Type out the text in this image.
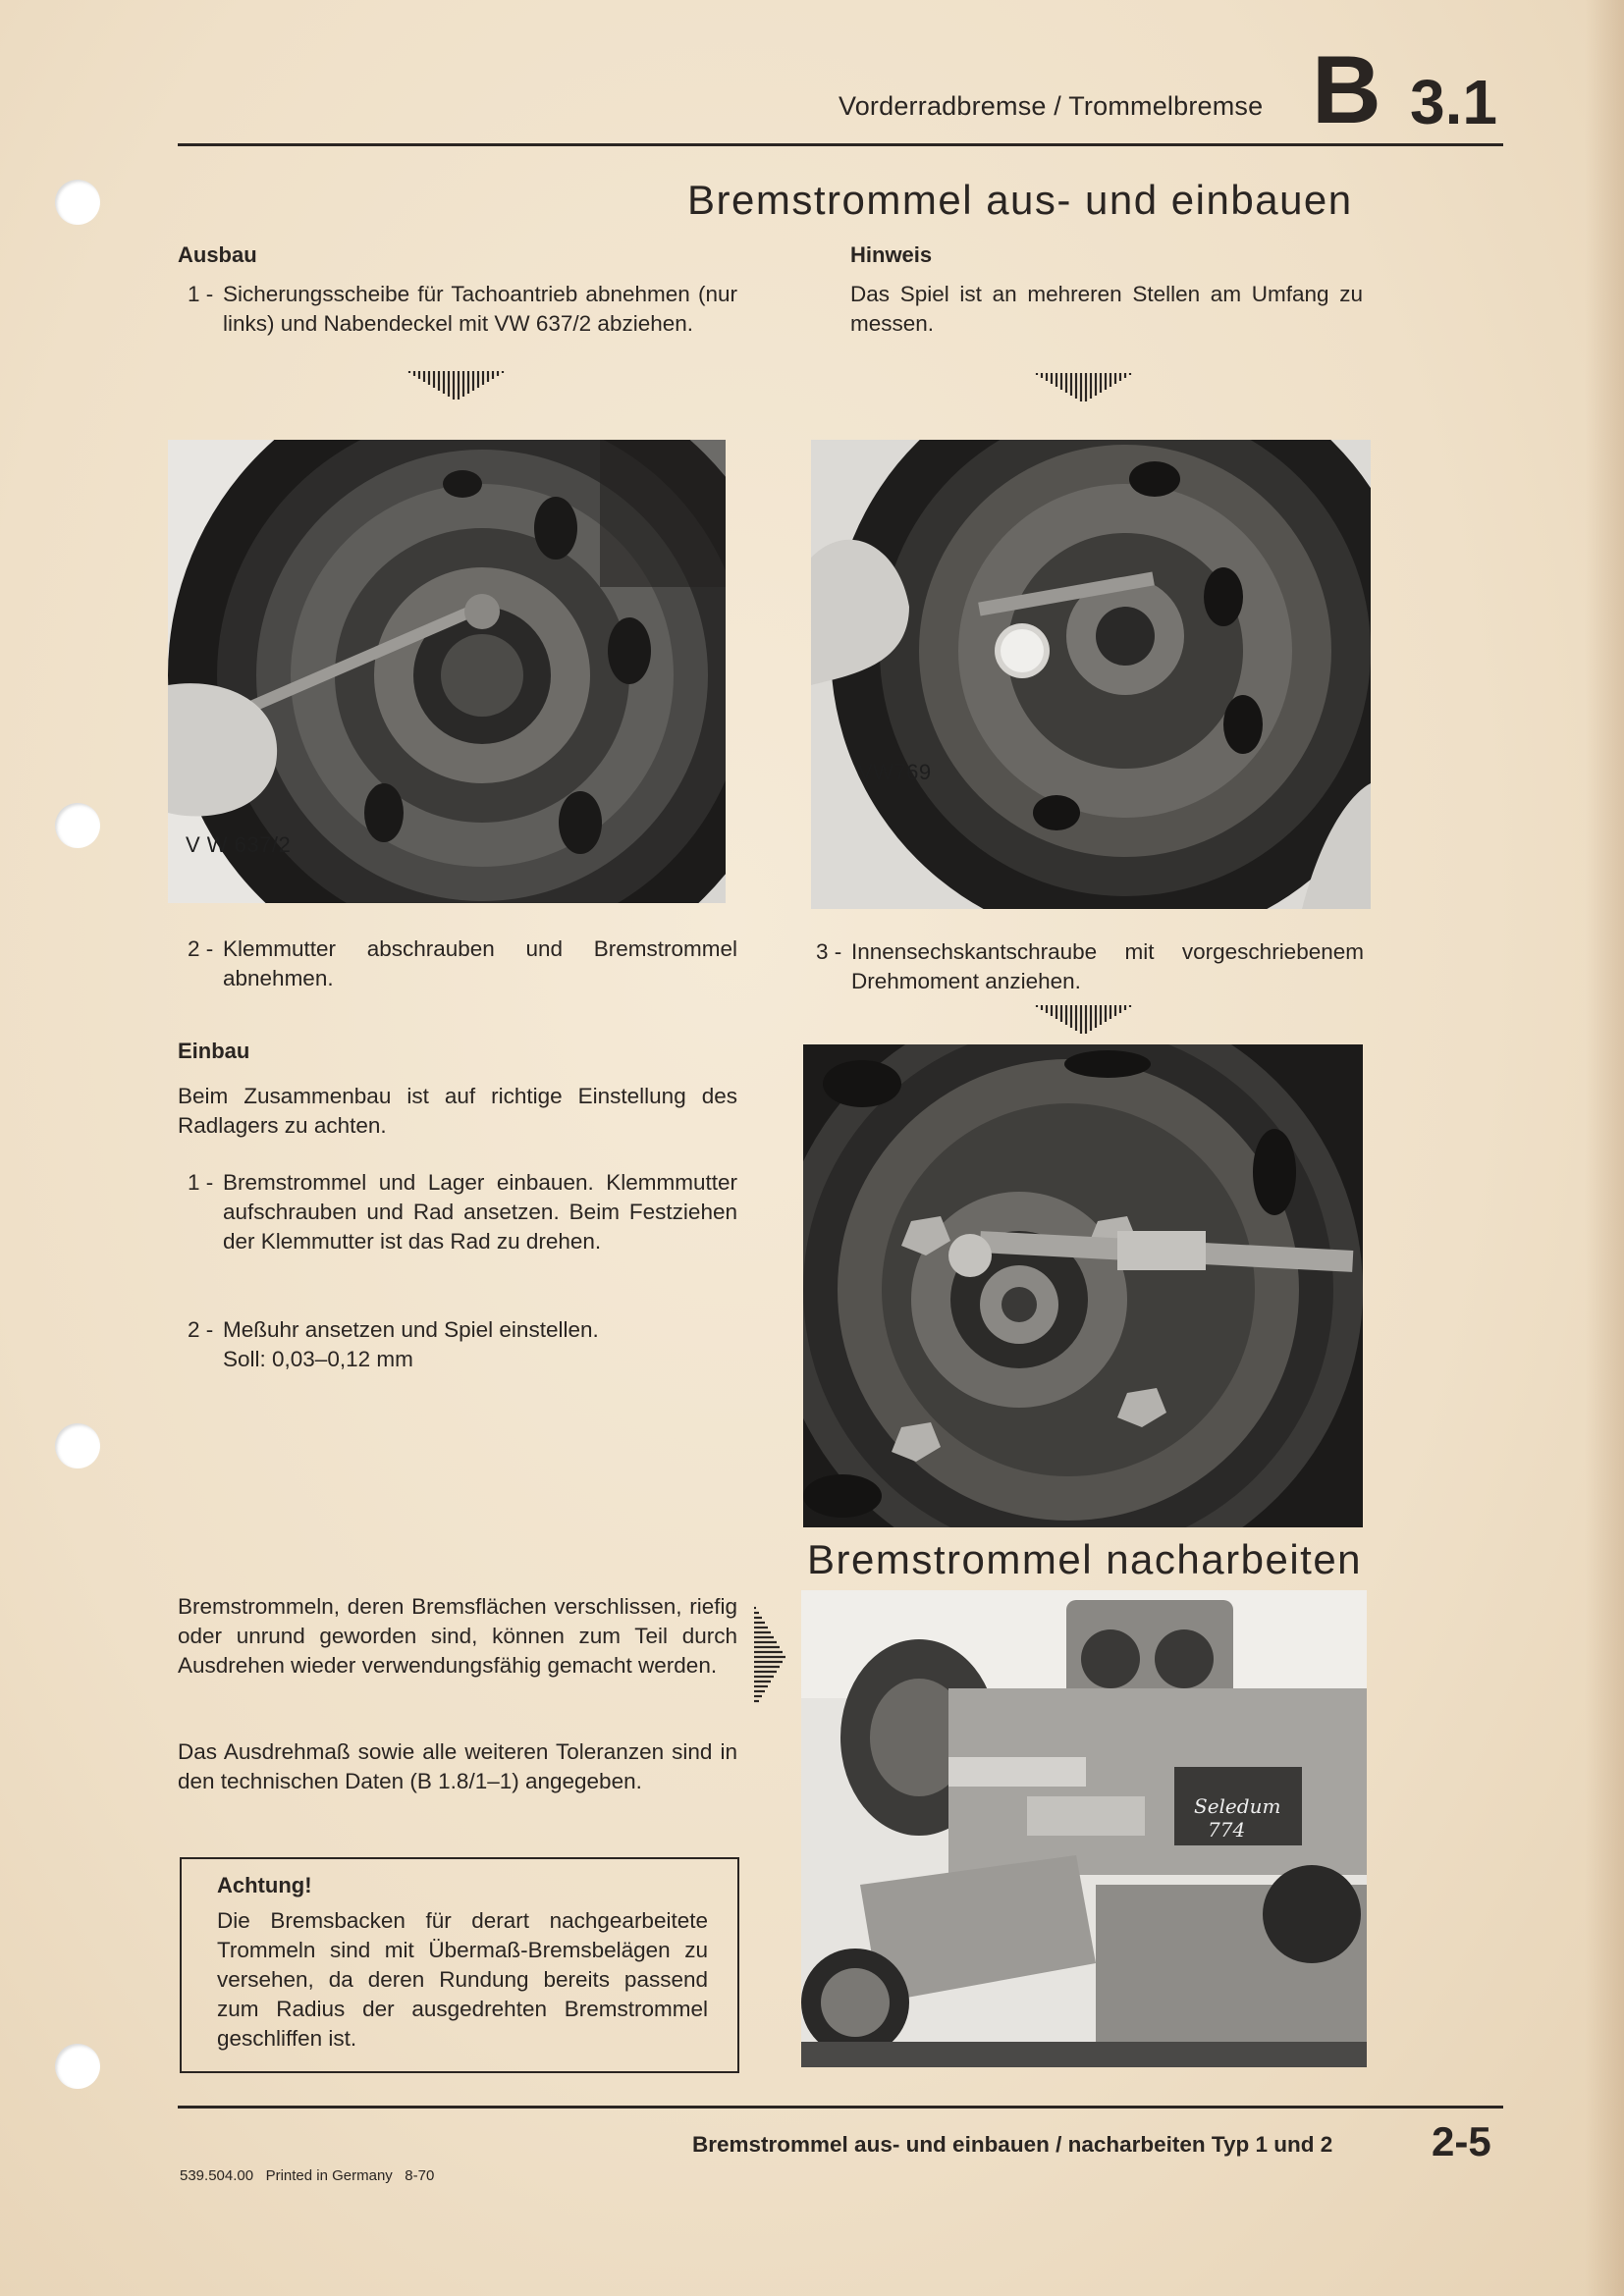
Vorderradbremse / Trommelbremse B 3.1
Bremstrommel aus- und einbauen
Ausbau
1 - Sicherungsscheibe für Tachoantrieb abnehmen (nur links) und Nabendeckel mit VW 637/2 abziehen.
Hinweis
Das Spiel ist an mehreren Stellen am Umfang zu messen.
V W 637/2
VW769
2 - Klemmutter abschrauben und Bremstrommel abnehmen.
3 - Innensechskantschraube mit vorgeschriebenem Drehmoment anziehen.
Einbau
Beim Zusammenbau ist auf richtige Einstellung des Radlagers zu achten.
1 - Bremstrommel und Lager einbauen. Klemmmutter aufschrauben und Rad ansetzen. Beim Festziehen der Klemmutter ist das Rad zu drehen.
2 - Meßuhr ansetzen und Spiel einstellen.
Soll: 0,03–0,12 mm
Bremstrommel nacharbeiten
Bremstrommeln, deren Bremsflächen verschlissen, riefig oder unrund geworden sind, können zum Teil durch Ausdrehen wieder verwendungsfähig gemacht werden.
Das Ausdrehmaß sowie alle weiteren Toleranzen sind in den technischen Daten (B 1.8/1–1) angegeben.
Achtung!
Die Bremsbacken für derart nachgearbeitete Trommeln sind mit Übermaß-Bremsbelägen zu versehen, da deren Rundung bereits passend zum Radius der ausgedrehten Bremstrommel geschliffen ist.
Seledum
774
Bremstrommel aus- und einbauen / nacharbeiten Typ 1 und 2 2-5
539.504.00   Printed in Germany   8-70
